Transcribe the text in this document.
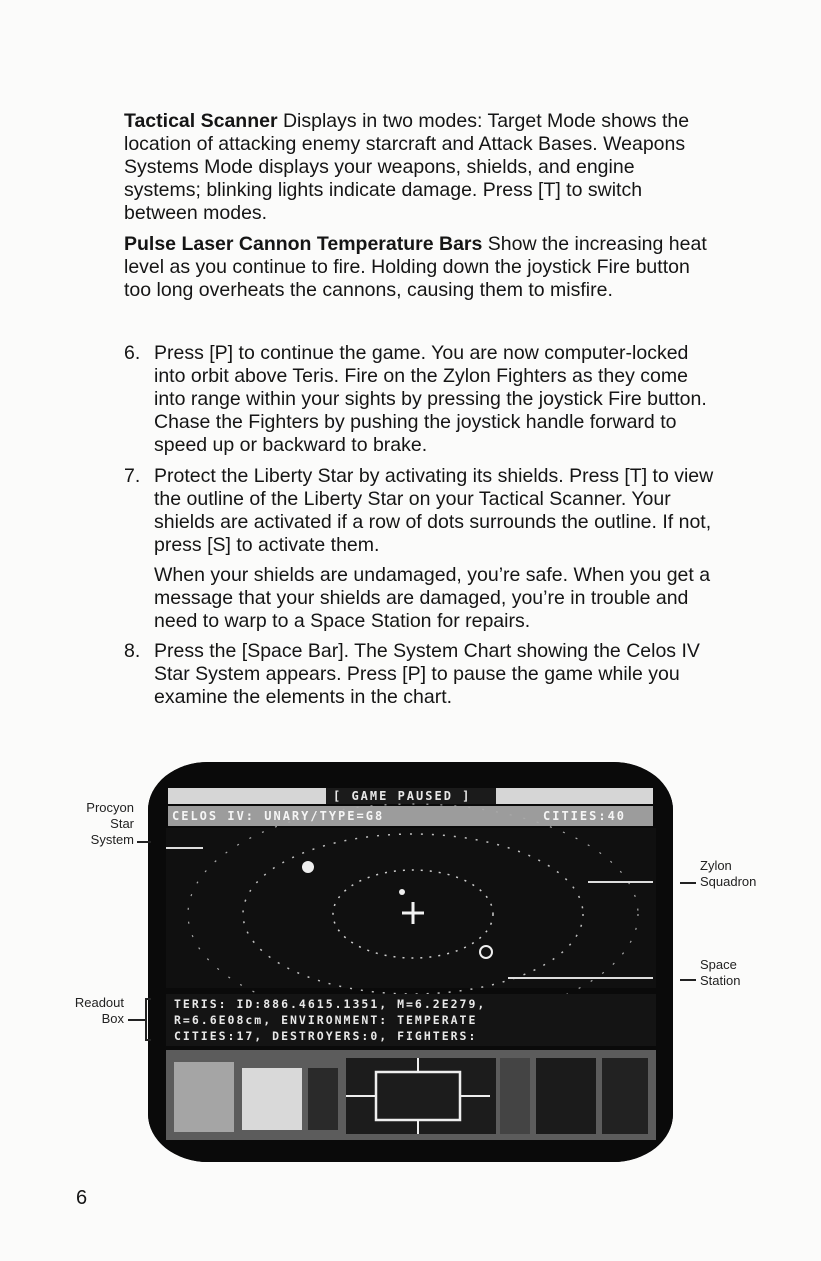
Tactical Scanner Displays in two modes: Target Mode shows the location of attacking enemy starcraft and Attack Bases. Weapons Systems Mode displays your weapons, shields, and engine systems; blinking lights indicate damage. Press [T] to switch between modes.
Pulse Laser Cannon Temperature Bars Show the increasing heat level as you continue to fire. Holding down the joystick Fire button too long overheats the cannons, causing them to misfire.
6. Press [P] to continue the game. You are now computer-locked into orbit above Teris. Fire on the Zylon Fighters as they come into range within your sights by pressing the joystick Fire button. Chase the Fighters by pushing the joystick handle forward to speed up or backward to brake.
7. Protect the Liberty Star by activating its shields. Press [T] to view the outline of the Liberty Star on your Tactical Scanner. Your shields are activated if a row of dots surrounds the outline. If not, press [S] to activate them.
When your shields are undamaged, you’re safe. When you get a message that your shields are damaged, you’re in trouble and need to warp to a Space Station for repairs.
8. Press the [Space Bar]. The System Chart showing the Celos IV Star System appears. Press [P] to pause the game while you examine the elements in the chart.
[ GAME PAUSED ]
CELOS IV: UNARY/TYPE=G8	CITIES:40
TERIS: ID:886.4615.1351, M=6.2E279,
R=6.6E08cm, ENVIRONMENT: TEMPERATE
CITIES:17, DESTROYERS:0, FIGHTERS:
Procyon
Star
System
Readout
Box
Zylon
Squadron
Space
Station
6
